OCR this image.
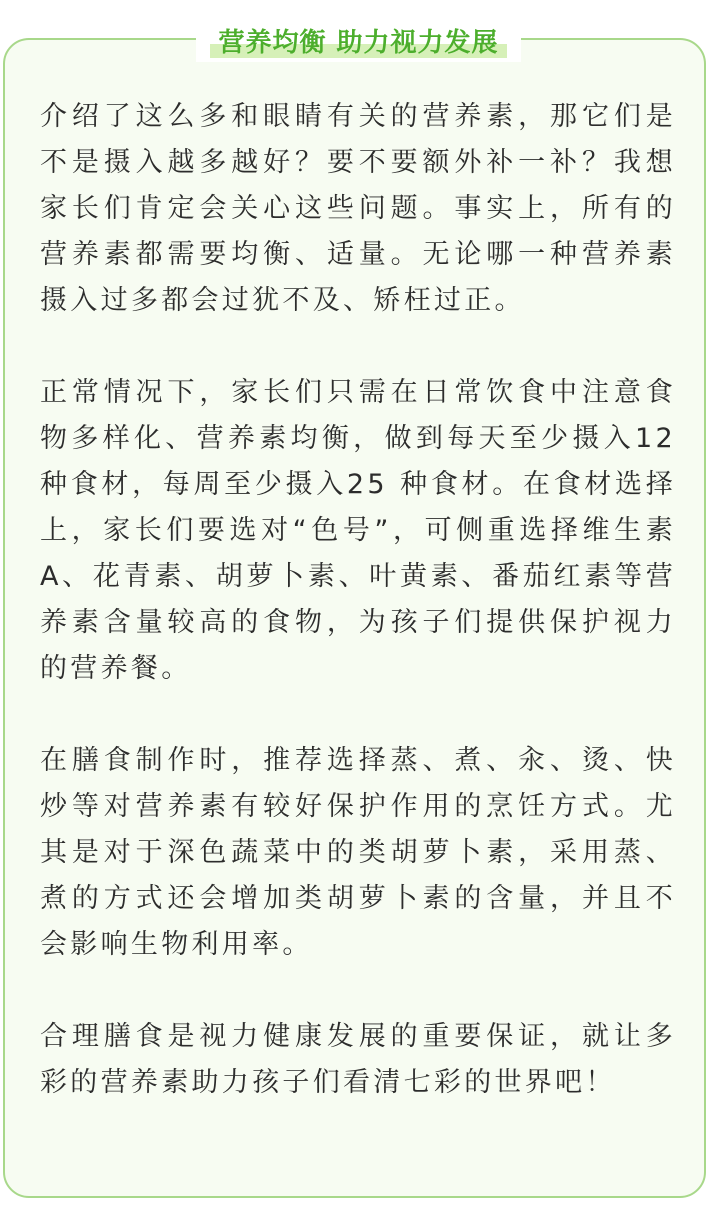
营养均衡 助力视力发展

介绍了这么多和眼睛有关的营养素，那它们是不是摄入越多越好？要不要额外补一补？我想家长们肯定会关心这些问题。事实上，所有的营养素都需要均衡、适量。无论哪一种营养素摄入过多都会过犹不及、矫枉过正。

正常情况下，家长们只需在日常饮食中注意食物多样化、营养素均衡，做到每天至少摄入12 种食材，每周至少摄入25 种食材。在食材选择上，家长们要选对“色号”，可侧重选择维生素A、花青素、胡萝卜素、叶黄素、番茄红素等营养素含量较高的食物，为孩子们提供保护视力的营养餐。

在膳食制作时，推荐选择蒸、煮、汆、烫、快炒等对营养素有较好保护作用的烹饪方式。尤其是对于深色蔬菜中的类胡萝卜素，采用蒸、煮的方式还会增加类胡萝卜素的含量，并且不会影响生物利用率。

合理膳食是视力健康发展的重要保证，就让多彩的营养素助力孩子们看清七彩的世界吧！
